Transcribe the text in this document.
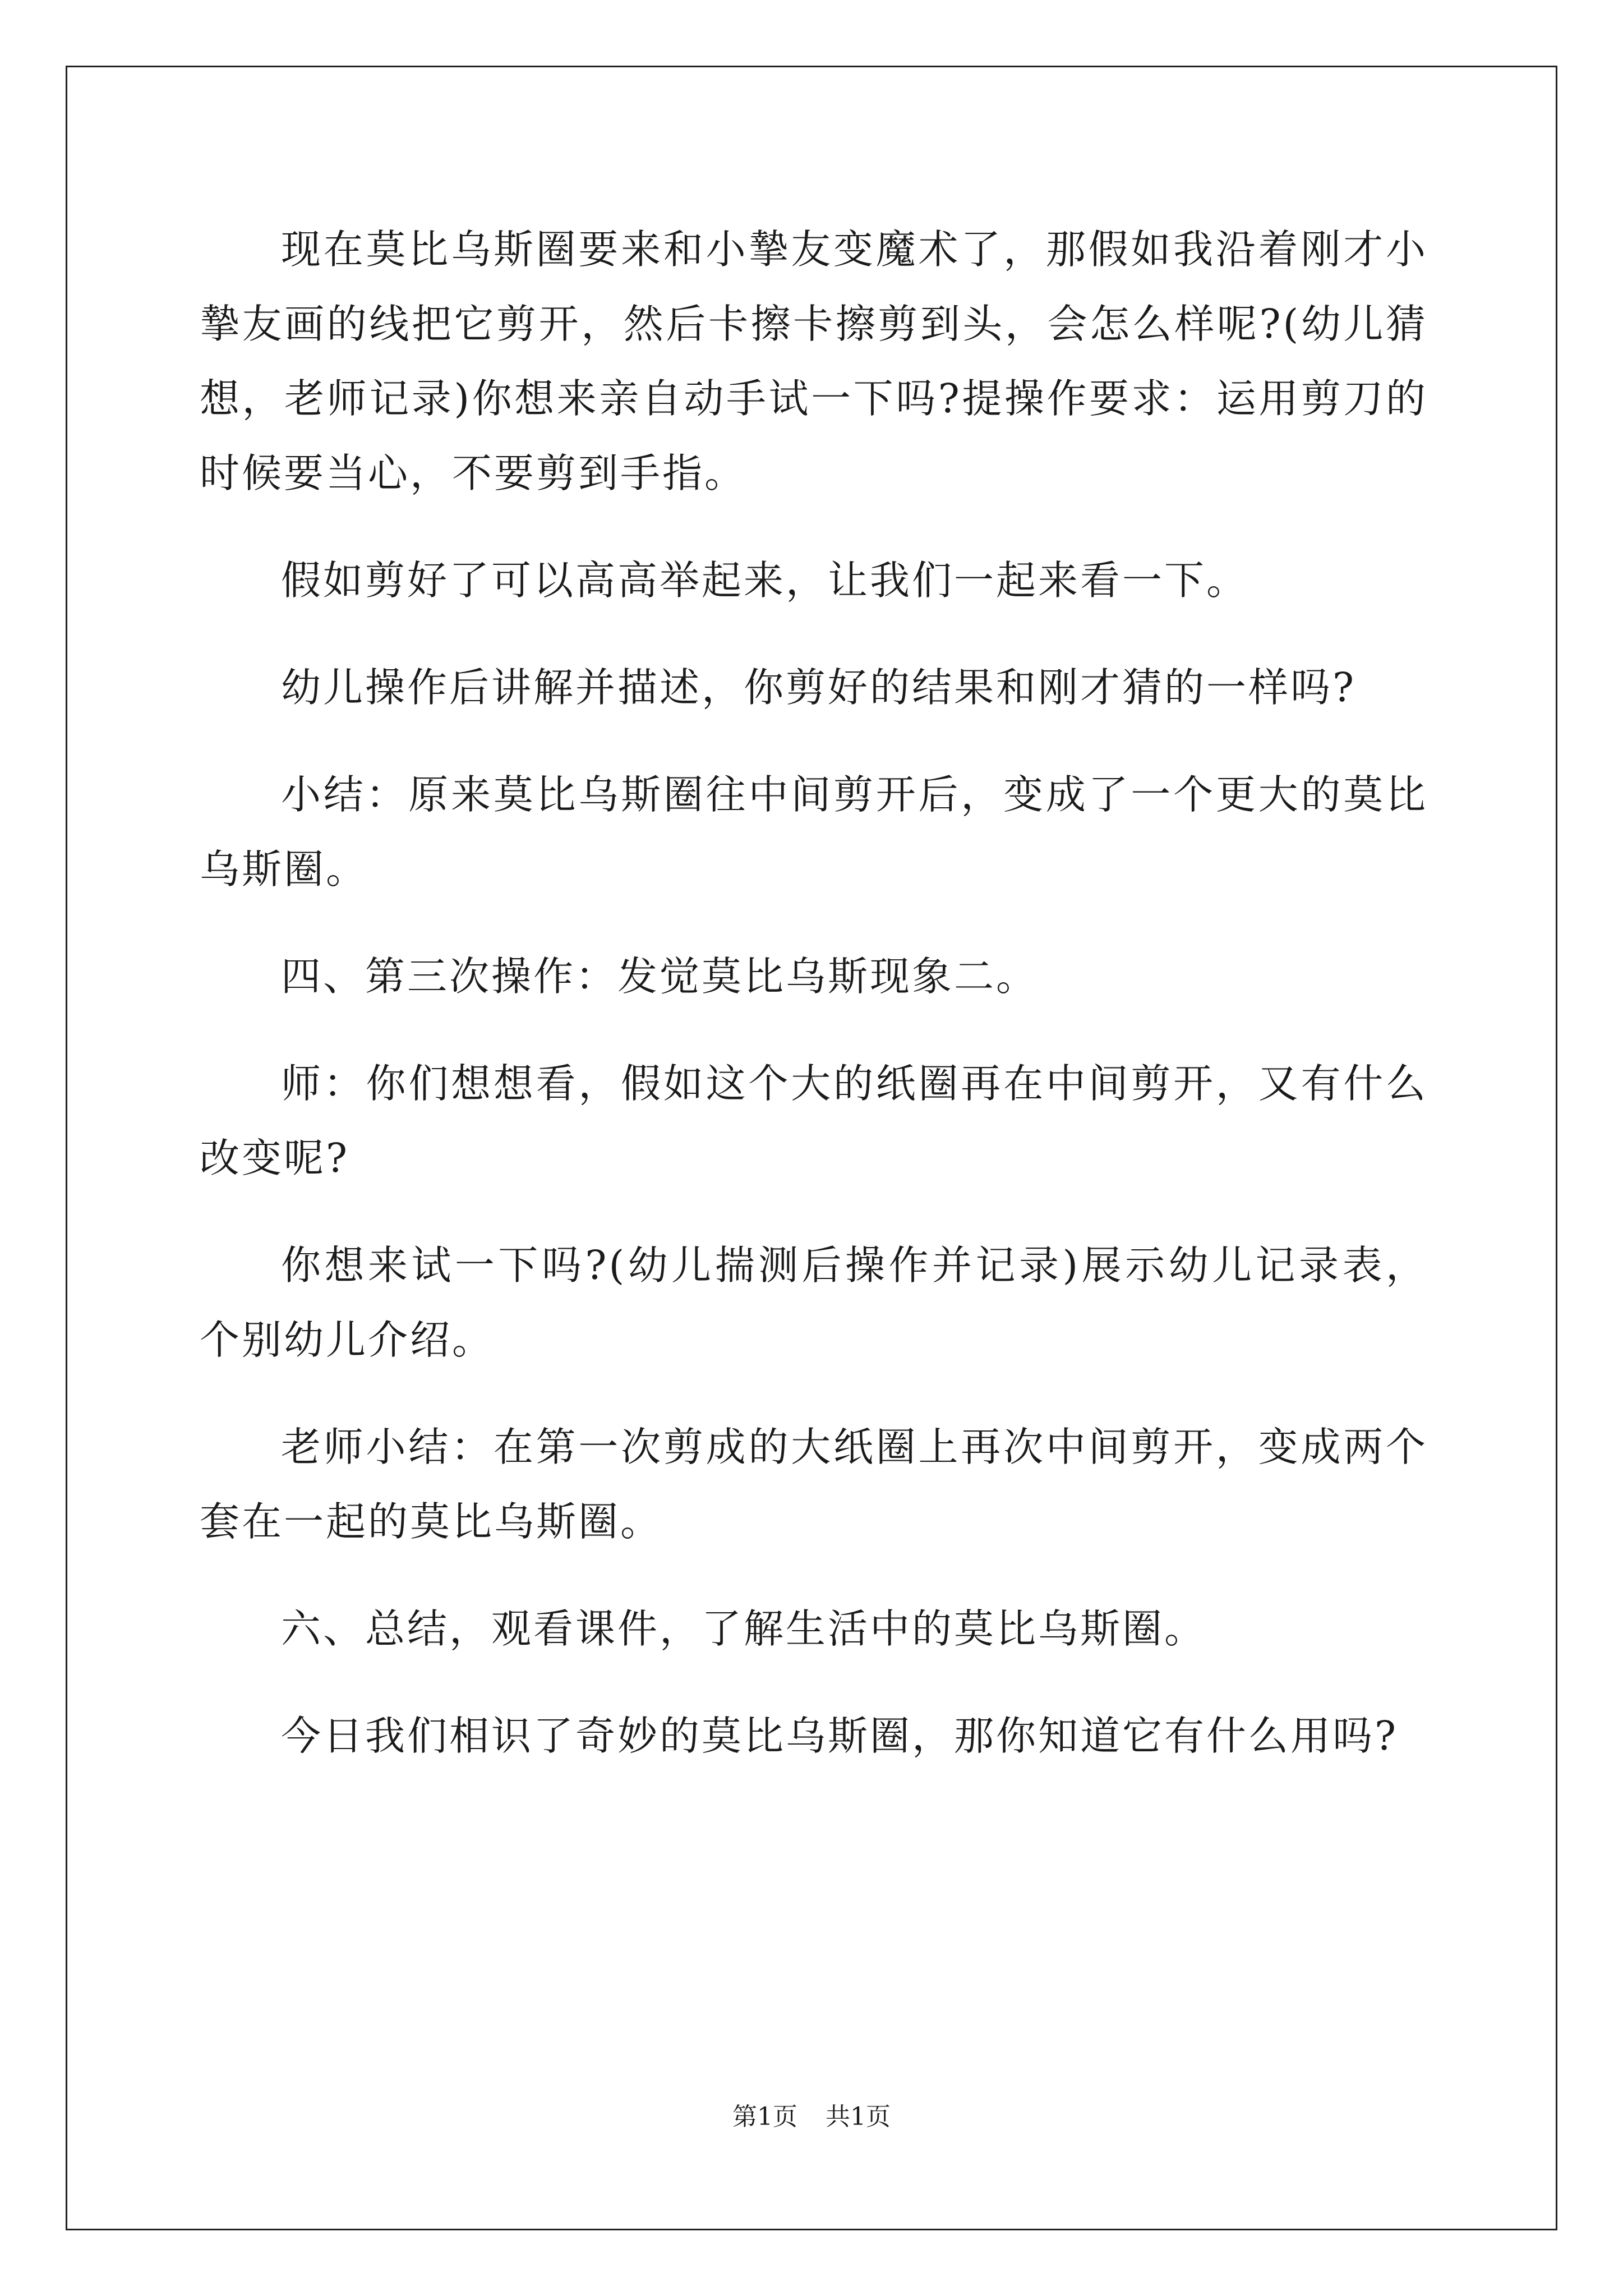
现在莫比乌斯圈要来和小摯友变魔术了，那假如我沿着刚才小摯友画的线把它剪开，然后卡擦卡擦剪到头，会怎么样呢?(幼儿猜想，老师记录)你想来亲自动手试一下吗?提操作要求：运用剪刀的时候要当心，不要剪到手指。

假如剪好了可以高高举起来，让我们一起来看一下。

幼儿操作后讲解并描述，你剪好的结果和刚才猜的一样吗?

小结：原来莫比乌斯圈往中间剪开后，变成了一个更大的莫比乌斯圈。

四、第三次操作：发觉莫比乌斯现象二。

师：你们想想看，假如这个大的纸圈再在中间剪开，又有什么改变呢?

你想来试一下吗?(幼儿揣测后操作并记录)展示幼儿记录表，个别幼儿介绍。

老师小结：在第一次剪成的大纸圈上再次中间剪开，变成两个套在一起的莫比乌斯圈。

六、总结，观看课件，了解生活中的莫比乌斯圈。

今日我们相识了奇妙的莫比乌斯圈，那你知道它有什么用吗?

第1页 共1页
